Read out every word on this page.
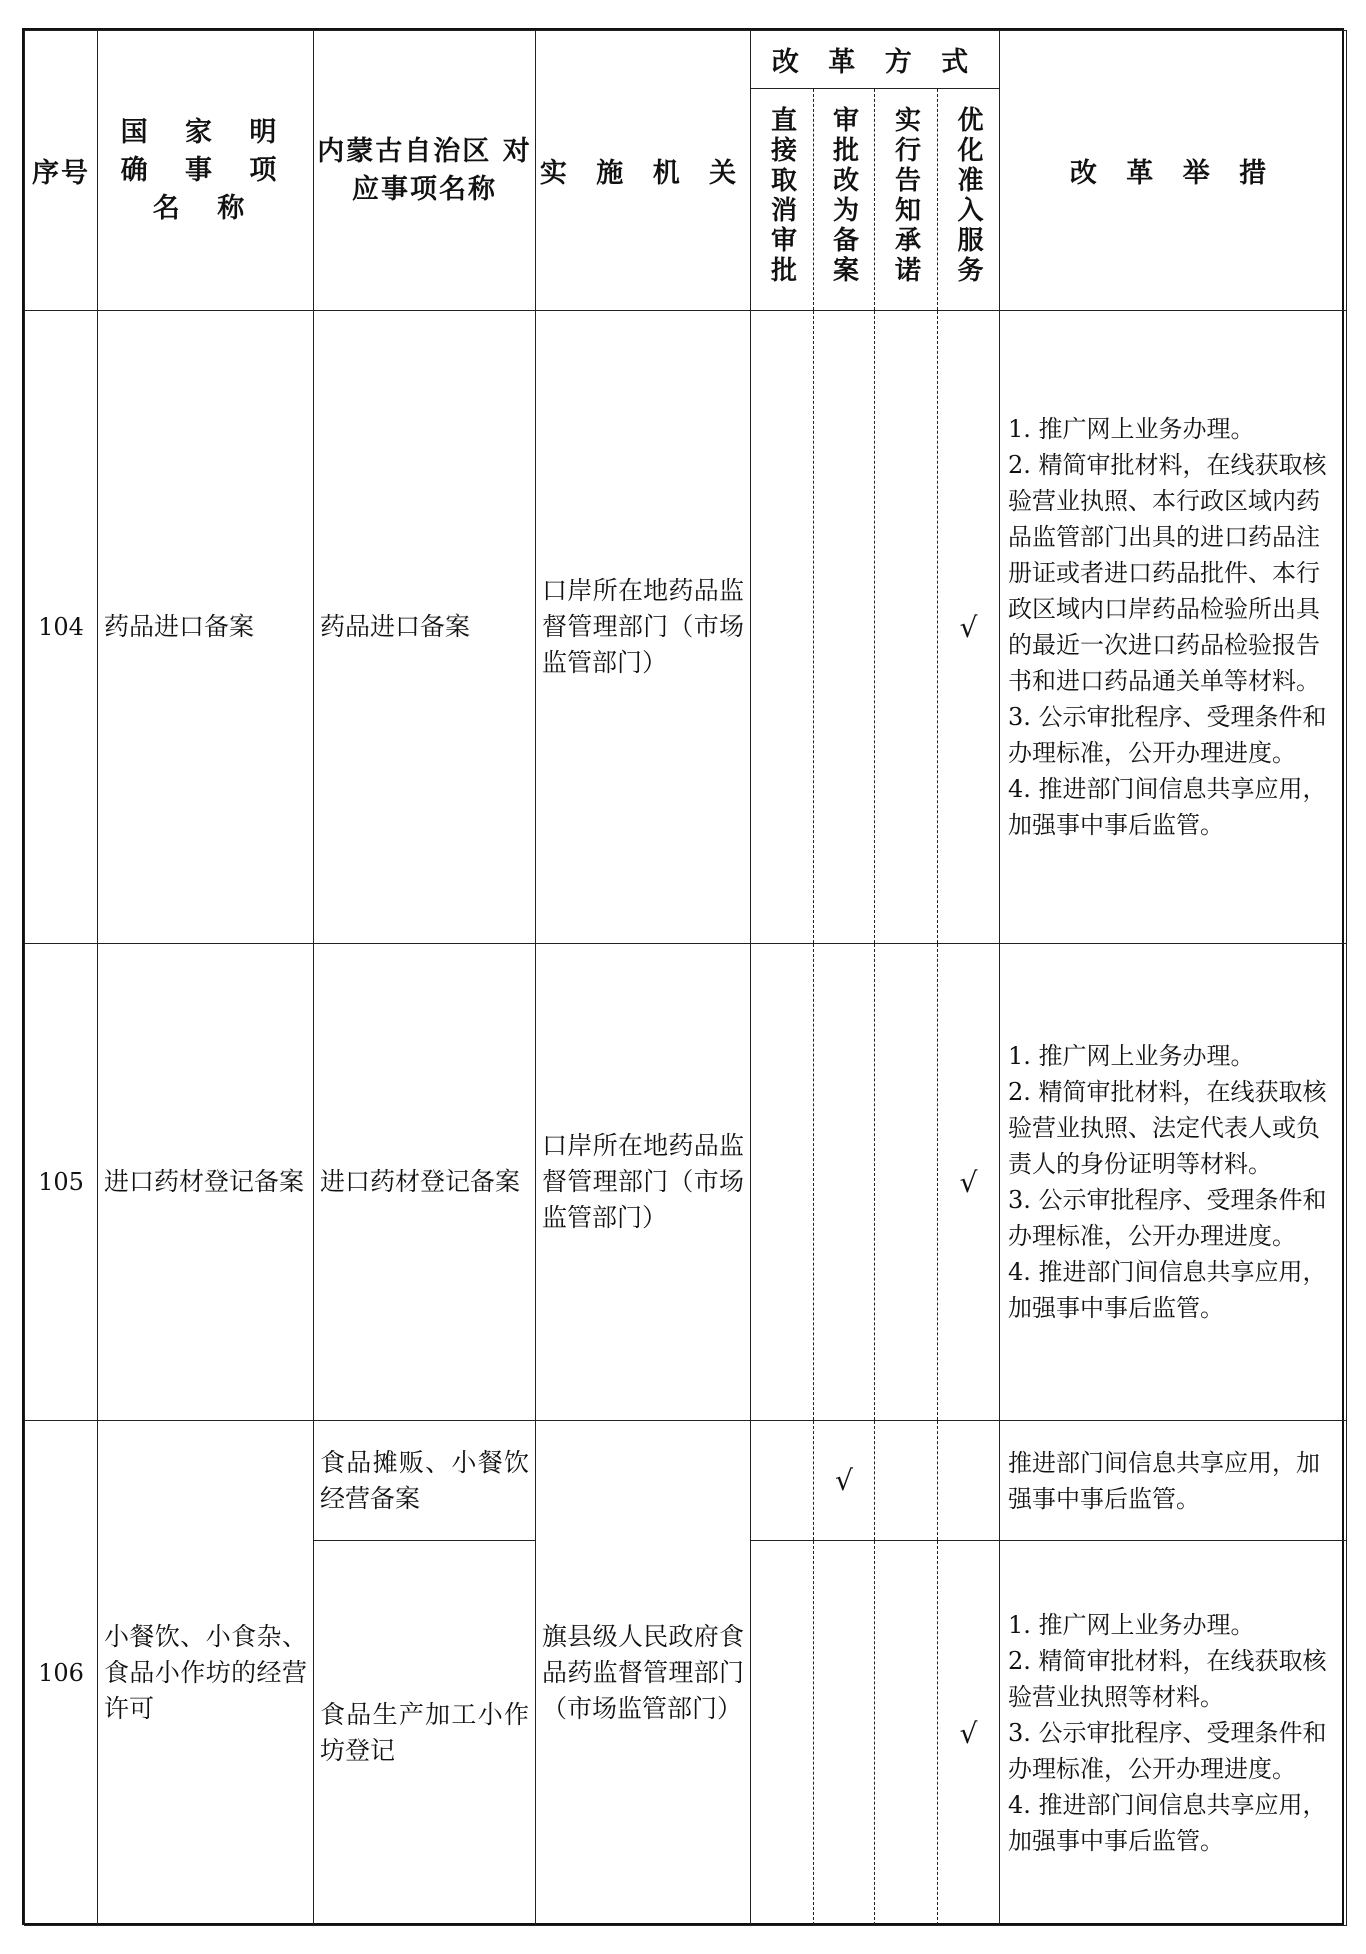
序号	国 家 明 确 事 项 名 称	内蒙古自治区 对应事项名称	实 施 机 关	改 革 方 式				改 革 举 措
				直接取消审批	审批改为备案	实行告知承诺	优化准入服务	
104	药品进口备案	药品进口备案	口岸所在地药品监督管理部门（市场监管部门）				√	1. 推广网上业务办理。
2. 精简审批材料，在线获取核验营业执照、本行政区域内药品监管部门出具的进口药品注册证或者进口药品批件、本行政区域内口岸药品检验所出具的最近一次进口药品检验报告书和进口药品通关单等材料。
3. 公示审批程序、受理条件和办理标准，公开办理进度。
4. 推进部门间信息共享应用，加强事中事后监管。

105	进口药材登记备案	进口药材登记备案	口岸所在地药品监督管理部门（市场监管部门）				√	1. 推广网上业务办理。
2. 精简审批材料，在线获取核验营业执照、法定代表人或负责人的身份证明等材料。
3. 公示审批程序、受理条件和办理标准，公开办理进度。
4. 推进部门间信息共享应用，加强事中事后监管。

106	小餐饮、小食杂、食品小作坊的经营许可	食品摊贩、小餐饮经营备案	旗县级人民政府食品药监督管理部门（市场监管部门）		√			推进部门间信息共享应用，加强事中事后监管。

		食品生产加工小作坊登记					√	1. 推广网上业务办理。
2. 精简审批材料，在线获取核验营业执照等材料。
3. 公示审批程序、受理条件和办理标准，公开办理进度。
4. 推进部门间信息共享应用，加强事中事后监管。
